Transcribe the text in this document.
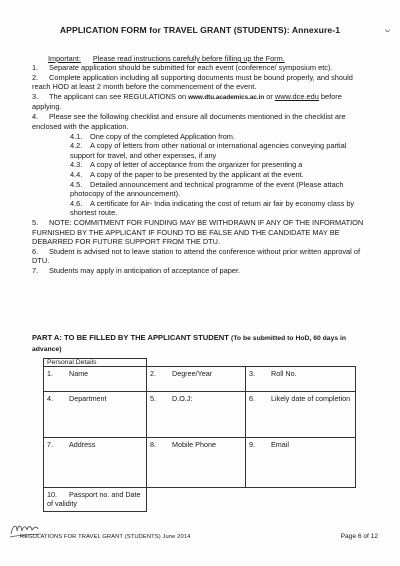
APPLICATION FORM for TRAVEL GRANT (STUDENTS): Annexure-1	ᴗ
Important: Please read instructions carefully before filling up the Form.

1. Separate application should be submitted for each event (conference/ symposium etc).

2. Complete application including all supporting documents must be bound properly, and should reach HOD at least 2 month before the commencement of the event.

3. The applicant can see REGULATIONS on www.dtu.academics.ac.in or www.dce.edu before applying.

4. Please see the following checklist and ensure all documents mentioned in the checklist are enclosed with the application.

4.1. One copy of the completed Application from.

4.2. A copy of letters from other national or international agencies conveying partial support for travel, and other expenses, if any

4.3. A copy of letter of acceptance from the organizer for presenting a

4.4. A copy of the paper to be presented by the applicant at the event.

4.5. Detailed announcement and technical programme of the event (Please attach photocopy of the announcement).

4.6. A certificate for Air- India indicating the cost of return air fair by economy class by shortest route.

5. NOTE: COMMITMENT FOR FUNDING MAY BE WITHDRAWN IF ANY OF THE INFORMATION FURNISHED BY THE APPLICANT IF FOUND TO BE FALSE AND THE CANDIDATE MAY BE DEBARRED FOR FUTURE SUPPORT FROM THE DTU.

6. Student is advised not to leave station to attend the conference without prior written approval of DTU.

7. Students may apply in anticipation of acceptance of paper.

PART A: TO BE FILLED BY THE APPLICANT STUDENT (To be submitted to HoD, 60 days in advance)
Personal Details		
1. Name	2. Degree/Year	3. Roll No.
4. Department	5. D.O.J:	6. Likely date of completion
7. Address	8. Mobile Phone	9. Email
10. Passport no. and Date of validity		
REGULATIONS FOR TRAVEL GRANT (STUDENTS) June 2014	Page 6 of 12
